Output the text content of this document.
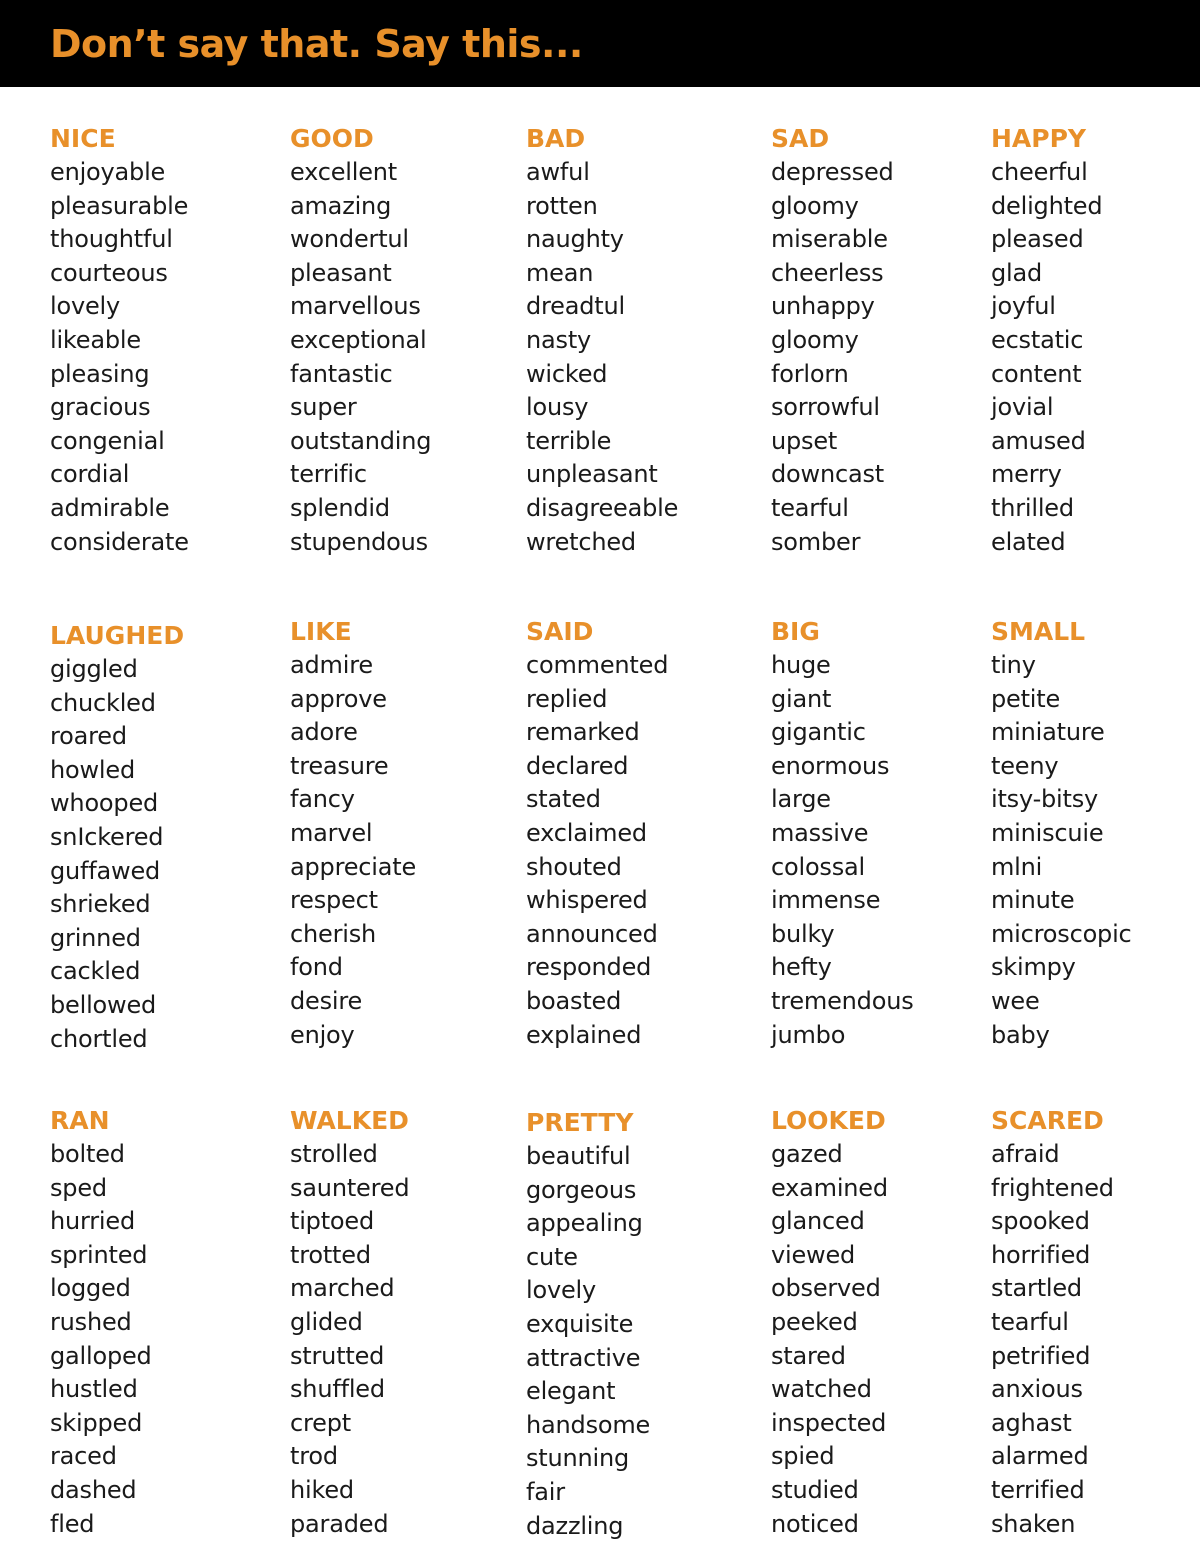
Don’t say that. Say this...
NICE
enjoyable
pleasurable
thoughtful
courteous
lovely
likeable
pleasing
gracious
congenial
cordial
admirable
considerate
GOOD
excellent
amazing
wondertul
pleasant
marvellous
exceptional
fantastic
super
outstanding
terrific
splendid
stupendous
BAD
awful
rotten
naughty
mean
dreadtul
nasty
wicked
lousy
terrible
unpleasant
disagreeable
wretched
SAD
depressed
gloomy
miserable
cheerless
unhappy
gloomy
forlorn
sorrowful
upset
downcast
tearful
somber
HAPPY
cheerful
delighted
pleased
glad
joyful
ecstatic
content
jovial
amused
merry
thrilled
elated
LAUGHED
giggled
chuckled
roared
howled
whooped
snIckered
guffawed
shrieked
grinned
cackled
bellowed
chortled
LIKE
admire
approve
adore
treasure
fancy
marvel
appreciate
respect
cherish
fond
desire
enjoy
SAID
commented
replied
remarked
declared
stated
exclaimed
shouted
whispered
announced
responded
boasted
explained
BIG
huge
giant
gigantic
enormous
large
massive
colossal
immense
bulky
hefty
tremendous
jumbo
SMALL
tiny
petite
miniature
teeny
itsy-bitsy
miniscuie
mlni
minute
microscopic
skimpy
wee
baby
RAN
bolted
sped
hurried
sprinted
logged
rushed
galloped
hustled
skipped
raced
dashed
fled
WALKED
strolled
sauntered
tiptoed
trotted
marched
glided
strutted
shuffled
crept
trod
hiked
paraded
PRETTY
beautiful
gorgeous
appealing
cute
lovely
exquisite
attractive
elegant
handsome
stunning
fair
dazzling
LOOKED
gazed
examined
glanced
viewed
observed
peeked
stared
watched
inspected
spied
studied
noticed
SCARED
afraid
frightened
spooked
horrified
startled
tearful
petrified
anxious
aghast
alarmed
terrified
shaken
